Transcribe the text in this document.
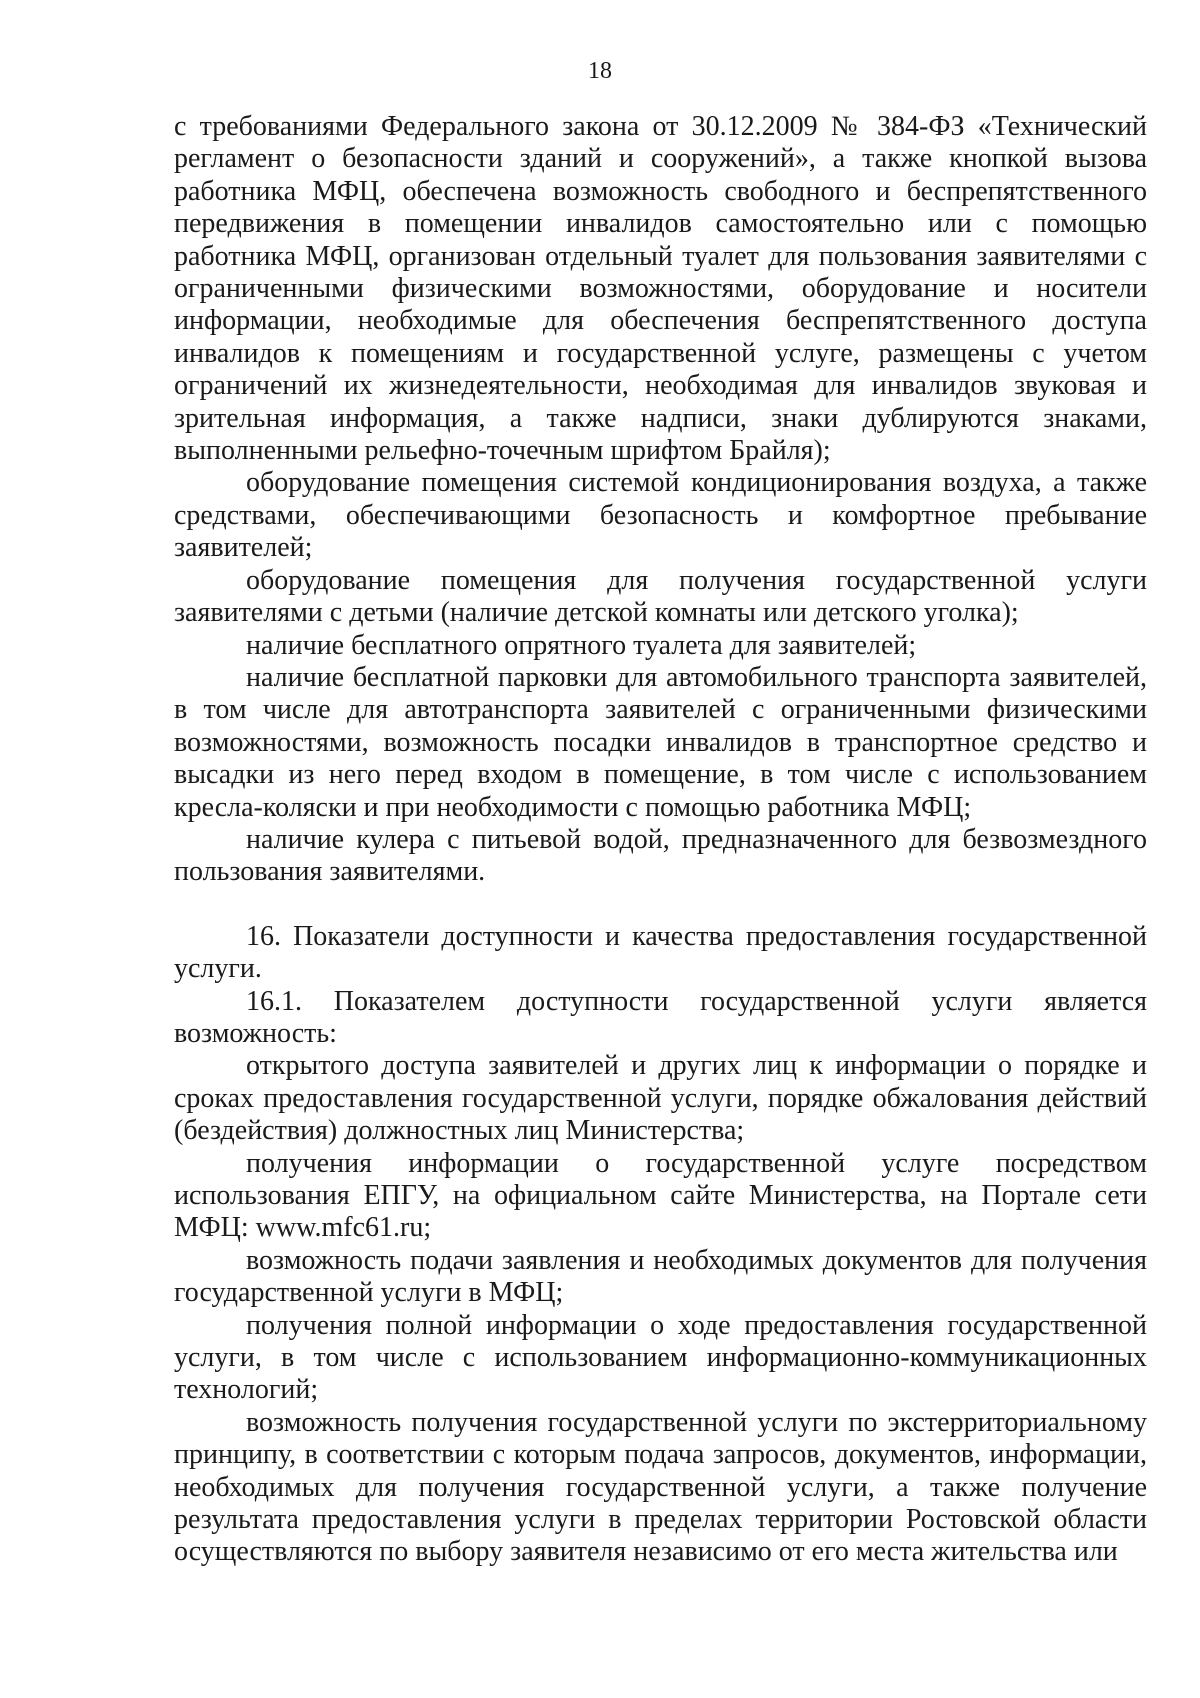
18

с требованиями Федерального закона от 30.12.2009 № 384-ФЗ «Технический регламент о безопасности зданий и сооружений», а также кнопкой вызова работника МФЦ, обеспечена возможность свободного и беспрепятственного передвижения в помещении инвалидов самостоятельно или с помощью работника МФЦ, организован отдельный туалет для пользования заявителями с ограниченными физическими возможностями, оборудование и носители информации, необходимые для обеспечения беспрепятственного доступа инвалидов к помещениям и государственной услуге, размещены с учетом ограничений их жизнедеятельности, необходимая для инвалидов звуковая и зрительная информация, а также надписи, знаки дублируются знаками, выполненными рельефно-точечным шрифтом Брайля);

оборудование помещения системой кондиционирования воздуха, а также средствами, обеспечивающими безопасность и комфортное пребывание заявителей;

оборудование помещения для получения государственной услуги заявителями с детьми (наличие детской комнаты или детского уголка);

наличие бесплатного опрятного туалета для заявителей;

наличие бесплатной парковки для автомобильного транспорта заявителей, в том числе для автотранспорта заявителей с ограниченными физическими возможностями, возможность посадки инвалидов в транспортное средство и высадки из него перед входом в помещение, в том числе с использованием кресла-коляски и при необходимости с помощью работника МФЦ;

наличие кулера с питьевой водой, предназначенного для безвозмездного пользования заявителями.

16. Показатели доступности и качества предоставления государственной услуги.

16.1. Показателем доступности государственной услуги является возможность:

открытого доступа заявителей и других лиц к информации о порядке и сроках предоставления государственной услуги, порядке обжалования действий (бездействия) должностных лиц Министерства;

получения информации о государственной услуге посредством использования ЕПГУ, на официальном сайте Министерства, на Портале сети МФЦ: www.mfc61.ru;

возможность подачи заявления и необходимых документов для получения государственной услуги в МФЦ;

получения полной информации о ходе предоставления государственной услуги, в том числе с использованием информационно-коммуникационных технологий;

возможность получения государственной услуги по экстерриториальному принципу, в соответствии с которым подача запросов, документов, информации, необходимых для получения государственной услуги, а также получение результата предоставления услуги в пределах территории Ростовской области осуществляются по выбору заявителя независимо от его места жительства или
